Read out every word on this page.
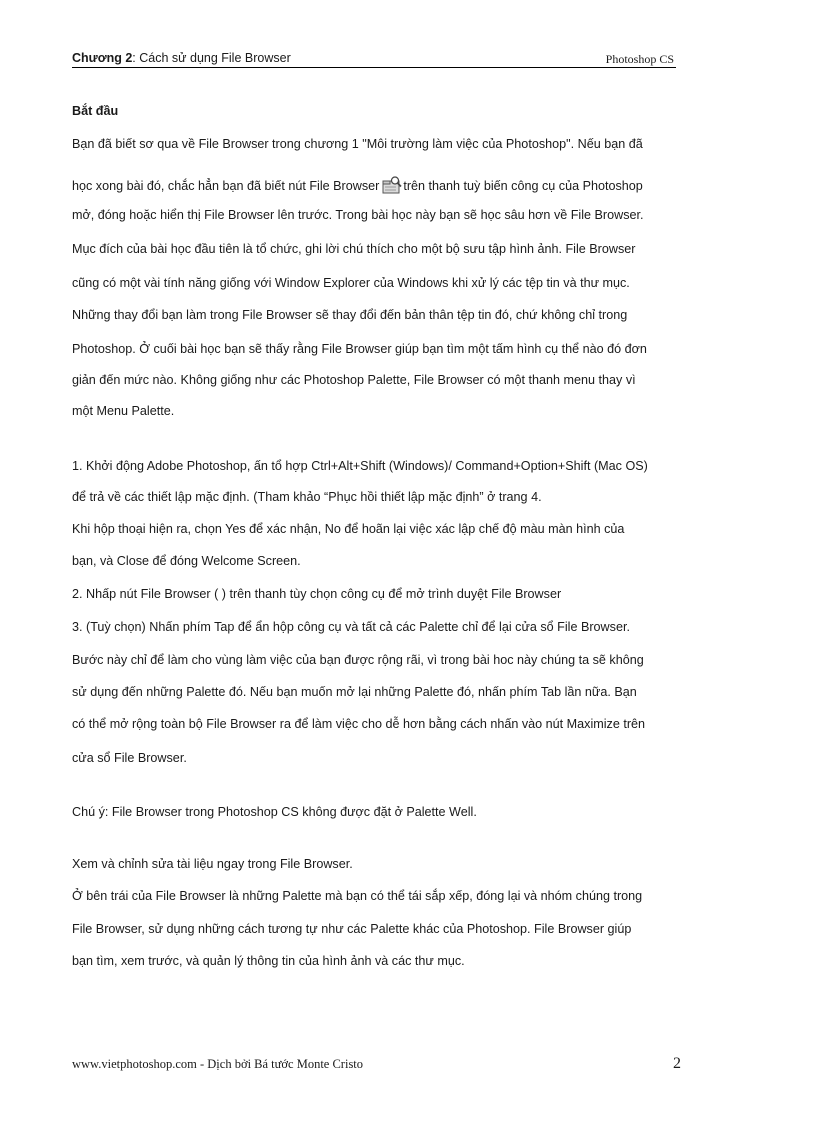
Chương 2: Cách sử dụng File Browser	Photoshop CS
Bắt đầu
Bạn đã biết sơ qua về File Browser trong chương 1 "Môi trường làm việc của Photoshop". Nếu bạn đã
học xong bài đó, chắc hẳn bạn đã biết nút File Browser trên thanh tuỳ biến công cụ của Photoshop
mở, đóng hoặc hiển thị File Browser lên trước. Trong bài học này bạn sẽ học sâu hơn về File Browser.
Mục đích của bài học đầu tiên là tổ chức, ghi lời chú thích cho một bộ sưu tập hình ảnh. File Browser
cũng có một vài tính năng giống với Window Explorer của Windows khi xử lý các tệp tin và thư mục.
Những thay đổi bạn làm trong File Browser sẽ thay đổi đến bản thân tệp tin đó, chứ không chỉ trong
Photoshop. Ở cuối bài học bạn sẽ thấy rằng File Browser giúp bạn tìm một tấm hình cụ thể nào đó đơn
giản đến mức nào. Không giống như các Photoshop Palette, File Browser có một thanh menu thay vì
một Menu Palette.
1. Khởi động Adobe Photoshop, ấn tổ hợp Ctrl+Alt+Shift (Windows)/ Command+Option+Shift (Mac OS)
để trả về các thiết lập mặc định. (Tham khảo “Phục hồi thiết lập mặc định” ở trang 4.
Khi hộp thoại hiện ra, chọn Yes để xác nhận, No để hoãn lại việc xác lập chế độ màu màn hình của
bạn, và Close để đóng Welcome Screen.
2. Nhấp nút File Browser ( ) trên thanh tùy chọn công cụ để mở trình duyệt File Browser
3. (Tuỳ chọn) Nhấn phím Tap để ẩn hộp công cụ và tất cả các Palette chỉ để lại cửa sổ File Browser.
Bước này chỉ để làm cho vùng làm việc của bạn được rộng rãi, vì trong bài hoc này chúng ta sẽ không
sử dụng đến những Palette đó. Nếu bạn muốn mở lại những Palette đó, nhấn phím Tab lần nữa. Bạn
có thể mở rộng toàn bộ File Browser ra để làm việc cho dễ hơn bằng cách nhấn vào nút Maximize trên
cửa sổ File Browser.
Chú ý: File Browser trong Photoshop CS không được đặt ở Palette Well.
Xem và chỉnh sửa tài liệu ngay trong File Browser.
Ở bên trái của File Browser là những Palette mà bạn có thể tái sắp xếp, đóng lại và nhóm chúng trong
File Browser, sử dụng những cách tương tự như các Palette khác của Photoshop. File Browser giúp
bạn tìm, xem trước, và quản lý thông tin của hình ảnh và các thư mục.
www.vietphotoshop.com - Dịch bởi Bá tước Monte Cristo	2
